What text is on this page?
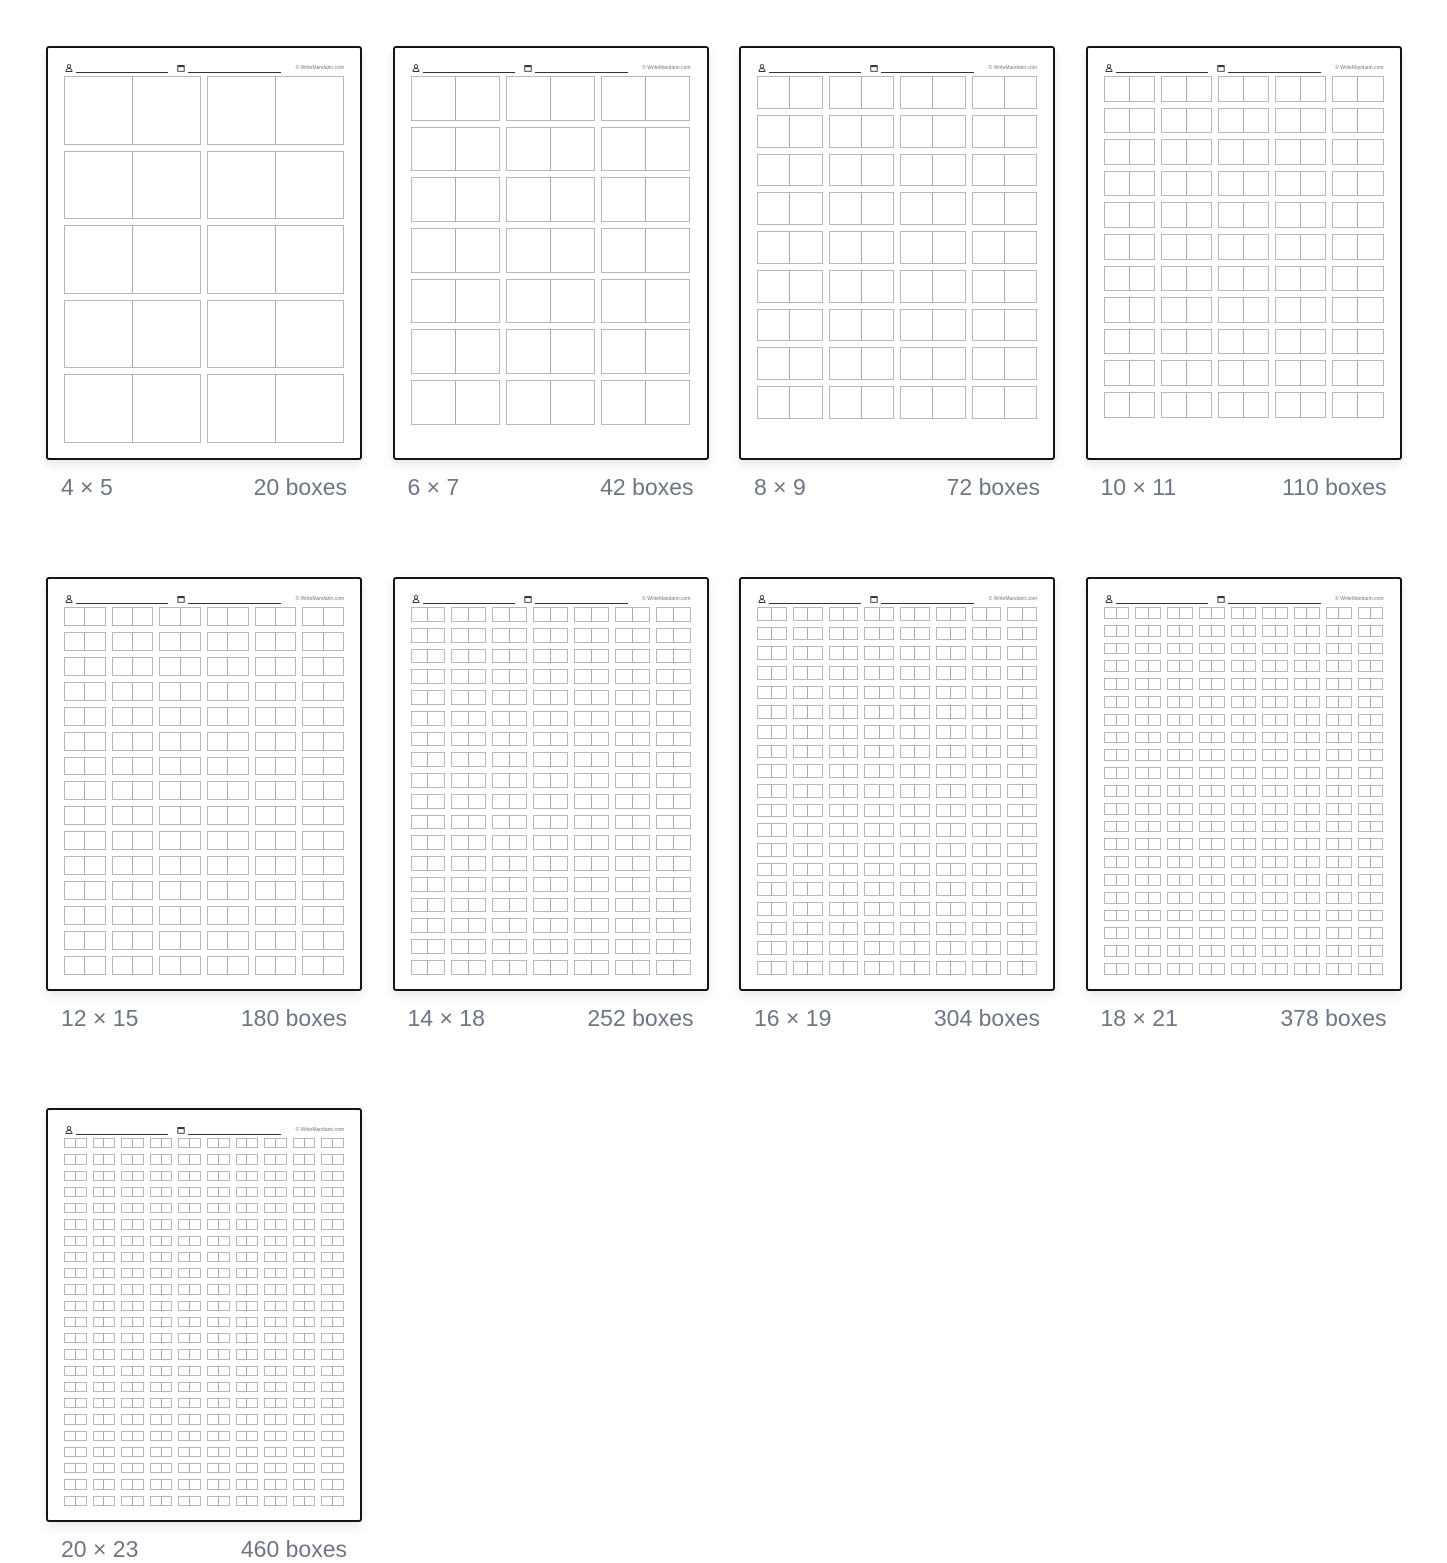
© WriteMandarin.com
4 × 5	20 boxes
© WriteMandarin.com
6 × 7	42 boxes
© WriteMandarin.com
8 × 9	72 boxes
© WriteMandarin.com
10 × 11	110 boxes
© WriteMandarin.com
12 × 15	180 boxes
© WriteMandarin.com
14 × 18	252 boxes
© WriteMandarin.com
16 × 19	304 boxes
© WriteMandarin.com
18 × 21	378 boxes
© WriteMandarin.com
20 × 23	460 boxes
